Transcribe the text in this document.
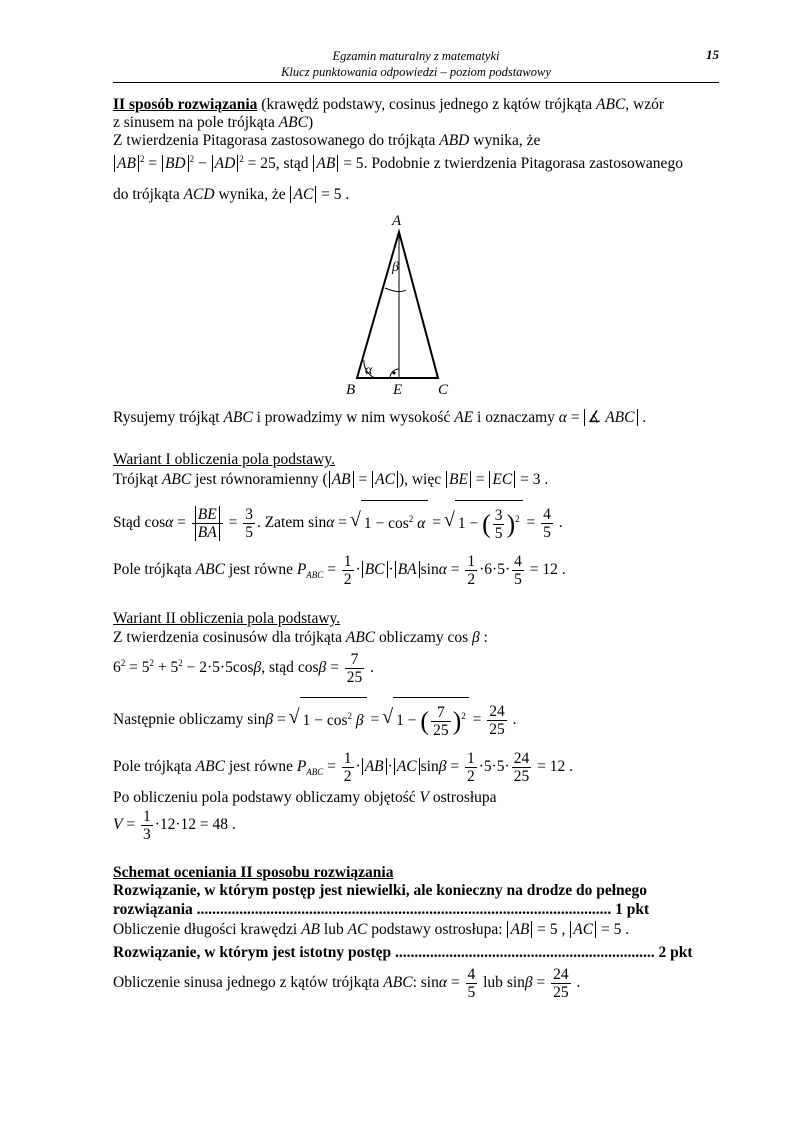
Egzamin maturalny z matematyki
Klucz punktowania odpowiedzi – poziom podstawowy
15
II sposób rozwiązania (krawędź podstawy, cosinus jednego z kątów trójkąta ABC, wzór
z sinusem na pole trójkąta ABC)
Z twierdzenia Pitagorasa zastosowanego do trójkąta ABD wynika, że
AB $^2$ = BD $^2$ − AD $^2$ = 25, stąd AB = 5. Podobnie z twierdzenia Pitagorasa zastosowanego
do trójkąta ACD wynika, że AC = 5 .
A
B	E C
α
β
Rysujemy trójkąt ABC i prowadzimy w nim wysokość AE i oznaczamy α = ∡ ABC .
Wariant I obliczenia pola podstawy.
Trójkąt ABC jest równoramienny ( AB = AC ), więc BE = EC = 3 .
Stąd $\cos\alpha = \frac{BE}{BA} = \frac{3}{5}$ . Zatem sinα = √ $1 - \cos^2 \alpha$ = √ 1 − ( $\frac{3}{5} )^2 = \frac{4}{5}$ .
Pole trójkąta ABC jest równe $P_{ABC} = \frac{1}{2}$ · BC · BA $\sin\alpha = \frac{1}{2} \cdot 6\cdot 5\cdot \frac{4}{5} = 12$ .
Wariant II obliczenia pola podstawy.
Z twierdzenia cosinusów dla trójkąta ABC obliczamy cos β :
$6^2 = 5^2 + 5^2 - 2\cdot 5\cdot 5\cos\beta$, stąd $\cos\beta = \frac{7}{25}$ .
Następnie obliczamy sinβ = √ $1 - \cos^2 \beta$ = √ 1 − ( $\frac{7}{25} )^2 = \frac{24}{25}$ .
Pole trójkąta ABC jest równe $P_{ABC} = \frac{1}{2}$ · AB · AC $\sin\beta = \frac{1}{2} \cdot 5\cdot 5\cdot \frac{24}{25} = 12$ .
Po obliczeniu pola podstawy obliczamy objętość V ostrosłupa
$V = \frac{1}{3} \cdot 12\cdot 12 = 48$ .
Schemat oceniania II sposobu rozwiązania
Rozwiązanie, w którym postęp jest niewielki, ale konieczny na drodze do pełnego
rozwiązania ........................................................................................................... 1 pkt
Obliczenie długości krawędzi AB lub AC podstawy ostrosłupa: AB = 5 , AC = 5 .
Rozwiązanie, w którym jest istotny postęp ................................................................... 2 pkt
Obliczenie sinusa jednego z kątów trójkąta ABC: $\sin\alpha = \frac{4}{5}$ lub $\sin\beta = \frac{24}{25}$ .
